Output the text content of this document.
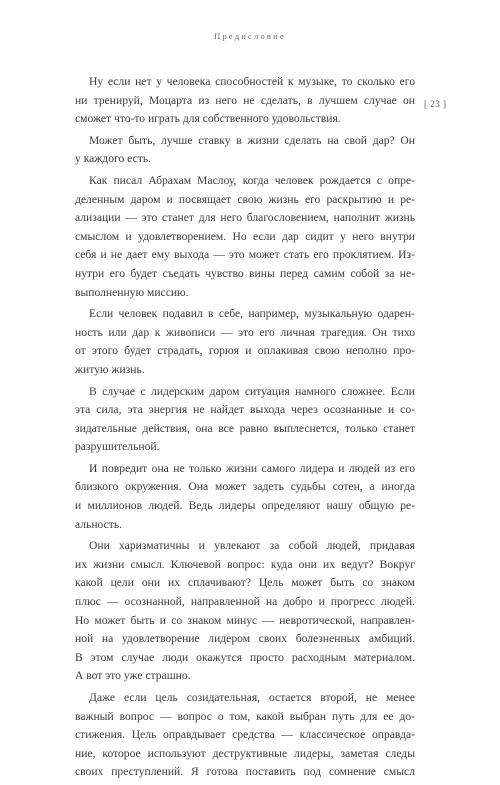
Предисловие
[ 23 ]
Ну если нет у человека способностей к музыке, то сколько его
ни тренируй, Моцарта из него не сделать, в лучшем случае он
сможет что-то играть для собственного удовольствия.
Может быть, лучше ставку в жизни сделать на свой дар? Он
у каждого есть.
Как писал Абрахам Маслоу, когда человек рождается с опре-
деленным даром и посвящает свою жизнь его раскрытию и ре-
ализации — это станет для него благословением, наполнит жизнь
смыслом и удовлетворением. Но если дар сидит у него внутри
себя и не дает ему выхода — это может стать его проклятием. Из-
нутри его будет съедать чувство вины перед самим собой за не-
выполненную миссию.
Если человек подавил в себе, например, музыкальную одарен-
ность или дар к живописи — это его личная трагедия. Он тихо
от этого будет страдать, горюя и оплакивая свою неполно про-
житую жизнь.
В случае с лидерским даром ситуация намного сложнее. Если
эта сила, эта энергия не найдет выхода через осознанные и со-
зидательные действия, она все равно выплеснется, только станет
разрушительной.
И повредит она не только жизни самого лидера и людей из его
близкого окружения. Она может задеть судьбы сотен, а иногда
и миллионов людей. Ведь лидеры определяют нашу общую ре-
альность.
Они харизматичны и увлекают за собой людей, придавая
их жизни смысл. Ключевой вопрос: куда они их ведут? Вокруг
какой цели они их сплачивают? Цель может быть со знаком
плюс — осознанной, направленной на добро и прогресс людей.
Но может быть и со знаком минус — невротической, направлен-
ной на удовлетворение лидером своих болезненных амбиций.
В этом случае люди окажутся просто расходным материалом.
А вот это уже страшно.
Даже если цель созидательная, остается второй, не менее
важный вопрос — вопрос о том, какой выбран путь для ее до-
стижения. Цель оправдывает средства — классическое оправда-
ние, которое используют деструктивные лидеры, заметая следы
своих преступлений. Я готова поставить под сомнение смысл
